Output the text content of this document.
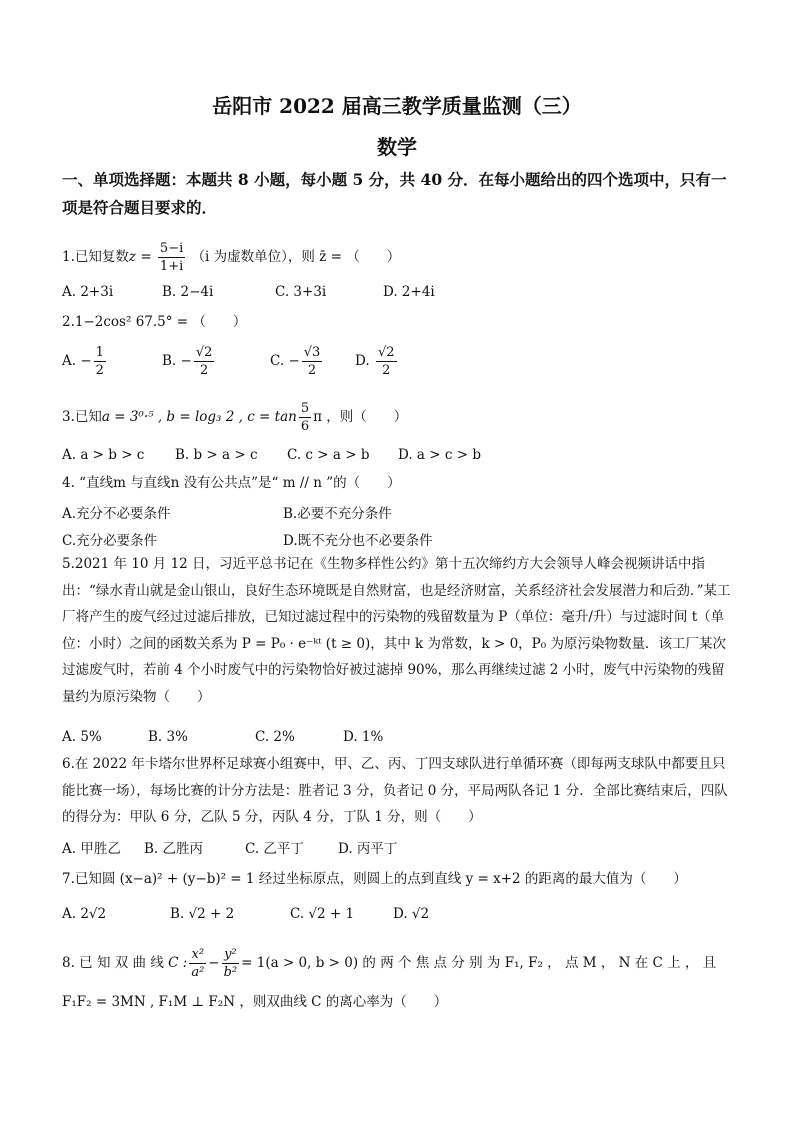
岳阳市 2022 届高三教学质量监测（三）
数学
一、单项选择题：本题共 8 小题，每小题 5 分，共 40 分．在每小题给出的四个选项中，只有一项是符合题目要求的．
1.已知复数$z = \frac{5-i}{1+i} (i$ 为虚数单位），则 z̄ = （　　）
A. 2+3i	B. 2−4i	C. 3+3i	D. 2+4i
2.1−2cos² 67.5° = （　　）
A. − $\frac{1}{2}$	B. − $\frac{√2}{2}$	C. − $\frac{√3}{2} D$. $\frac{√2}{2}$
3.已知a = 3⁰·⁵ , b = log₃ 2 , $c = \tan \frac{5}{6}$ π ，则（　　）
A. a > b > c B. b > a > c C. c > a > b D. a > c > b
4. “直线m 与直线n 没有公共点”是“ m // n ”的（　　）
A.充分不必要条件	B.必要不充分条件
C.充分必要条件	D.既不充分也不必要条件
5.2021 年 10 月 12 日，习近平总书记在《生物多样性公约》第十五次缔约方大会领导人峰会视频讲话中指出：“绿水青山就是金山银山，良好生态环境既是自然财富，也是经济财富，关系经济社会发展潜力和后劲．”某工厂将产生的废气经过过滤后排放，已知过滤过程中的污染物的残留数量为 P（单位：毫升/升）与过滤时间 t（单位：小时）之间的函数关系为 P = P₀ · e⁻ᵏᵗ (t ≥ 0)，其中 k 为常数，k > 0，P₀ 为原污染物数量．该工厂某次过滤废气时，若前 4 个小时废气中的污染物恰好被过滤掉 90%，那么再继续过滤 2 小时，废气中污染物的残留量约为原污染物（　　）
A. 5%	B. 3%	C. 2%	D. 1%
6.在 2022 年卡塔尔世界杯足球赛小组赛中，甲、乙、丙、丁四支球队进行单循环赛（即每两支球队中都要且只能比赛一场），每场比赛的计分方法是：胜者记 3 分，负者记 0 分，平局两队各记 1 分．全部比赛结束后，四队的得分为：甲队 6 分，乙队 5 分，丙队 4 分，丁队 1 分，则（　　）
A. 甲胜乙 B. 乙胜丙	C. 乙平丁	D. 丙平丁
7.已知圆 (x−a)² + (y−b)² = 1 经过坐标原点，则圆上的点到直线 y = x+2 的距离的最大值为（　　）
A. 2√2	B. √2 + 2	C. √2 + 1	D. √2
8. 已 知 双 曲 线 C : $\frac{\text{x²}}{\text{a²}} - \frac{\text{y²}}{\text{b²}} = 1(a > 0$, b > 0) 的 两 个 焦 点 分 别 为 F₁, F₂ ， 点 M ， N 在 C 上 ， 且
F₁F₂ = 3MN , F₁M ⊥ F₂N ，则双曲线 C 的离心率为（　　）
